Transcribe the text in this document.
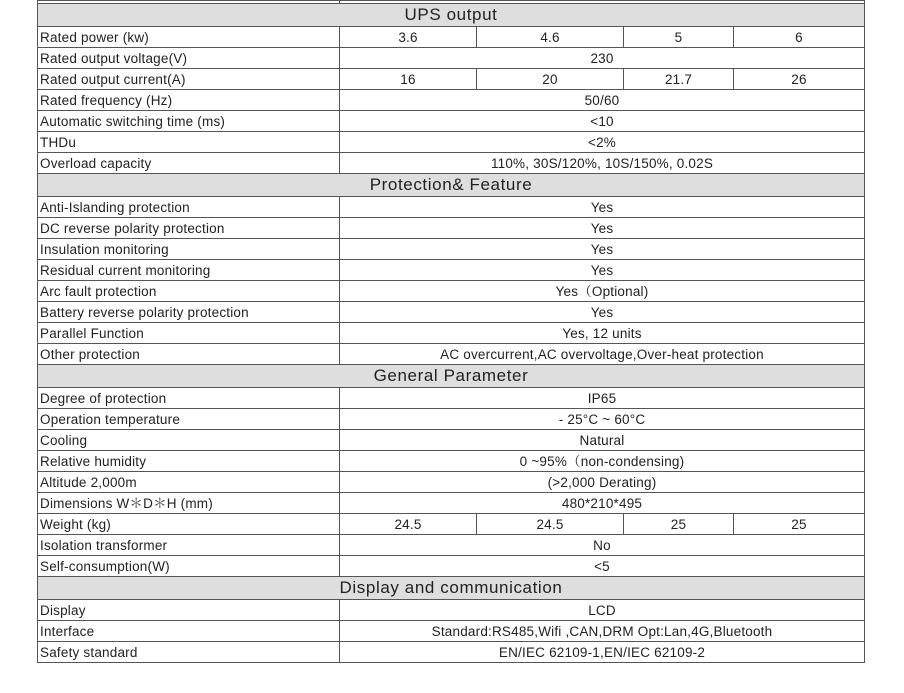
UPS output				
Rated power (kw)	3.6	4.6	5	6
Rated output voltage(V)	230			
Rated output current(A)	16	20	21.7	26
Rated frequency (Hz)	50/60			
Automatic switching time (ms)	<10			
THDu	<2%			
Overload capacity	110%, 30S/120%, 10S/150%, 0.02S			
Protection& Feature				
Anti-Islanding protection	Yes			
DC reverse polarity protection	Yes			
Insulation monitoring	Yes			
Residual current monitoring	Yes			
Arc fault protection	Yes（Optional)			
Battery reverse polarity protection	Yes			
Parallel Function	Yes, 12 units			
Other protection	AC overcurrent,AC overvoltage,Over-heat protection			
General Parameter				
Degree of protection	IP65			
Operation temperature	- 25°C ~ 60°C			
Cooling	Natural			
Relative humidity	0 ~95%（non-condensing)			
Altitude 2,000m	(>2,000 Derating)			
Dimensions W＊D＊H (mm)	480*210*495			
Weight (kg)	24.5	24.5	25	25
Isolation transformer	No			
Self-consumption(W)	<5			
Display and communication				
Display	LCD			
Interface	Standard:RS485,Wifi ,CAN,DRM Opt:Lan,4G,Bluetooth			
Safety standard	EN/IEC 62109-1,EN/IEC 62109-2			
